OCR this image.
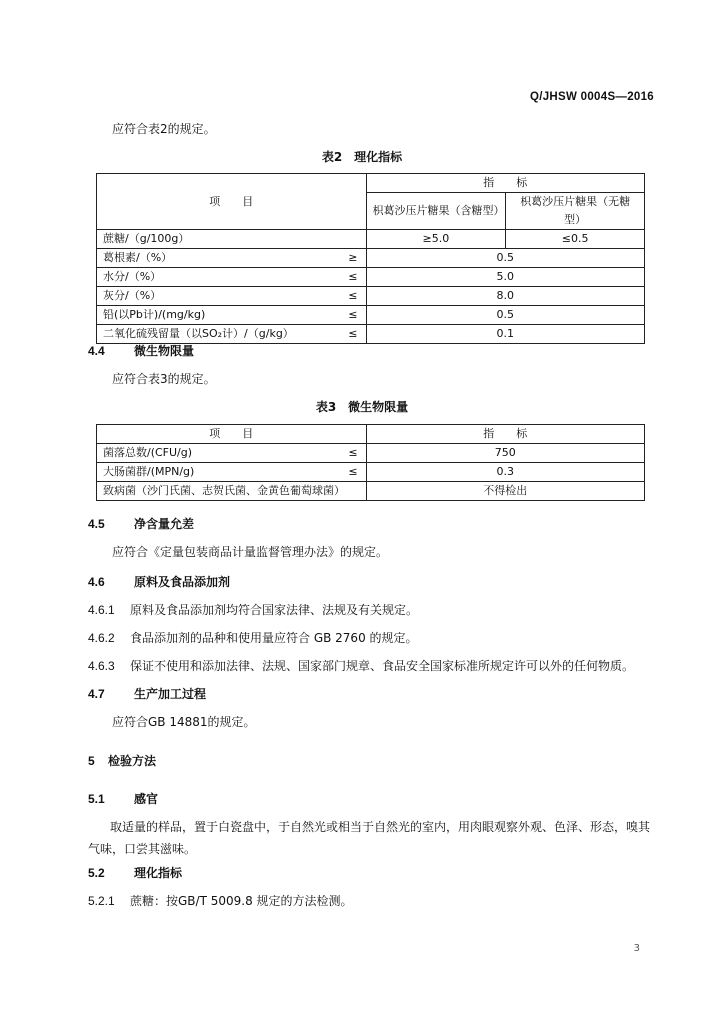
Q/JHSW 0004S—2016
应符合表2的规定。
表2　理化指标
项　　目	指　　标	
	枳葛沙压片糖果（含糖型）	枳葛沙压片糖果（无糖型）
蔗糖/（g/100g）	≥5.0	≤0.5
葛根素/（%） ≥	0.5	
水分/（%） ≤	5.0	
灰分/（%） ≤	8.0	
铅(以Pb计)/(mg/kg) ≤	0.5	
二氧化硫残留量（以SO₂计）/（g/kg） ≤	0.1	
4.4 微生物限量
应符合表3的规定。
表3　微生物限量
项　　目	指　　标
菌落总数/(CFU/g) ≤	750
大肠菌群/(MPN/g) ≤	0.3
致病菌（沙门氏菌、志贺氏菌、金黄色葡萄球菌）	不得检出
4.5 净含量允差
应符合《定量包装商品计量监督管理办法》的规定。
4.6 原料及食品添加剂
4.6.1 原料及食品添加剂均符合国家法律、法规及有关规定。
4.6.2 食品添加剂的品种和使用量应符合 GB 2760 的规定。
4.6.3 保证不使用和添加法律、法规、国家部门规章、食品安全国家标准所规定许可以外的任何物质。
4.7 生产加工过程
应符合GB 14881的规定。
5 检验方法
5.1 感官
取适量的样品，置于白瓷盘中，于自然光或相当于自然光的室内，用肉眼观察外观、色泽、形态，嗅其气味，口尝其滋味。
5.2 理化指标
5.2.1 蔗糖：按GB/T 5009.8 规定的方法检测。
3
